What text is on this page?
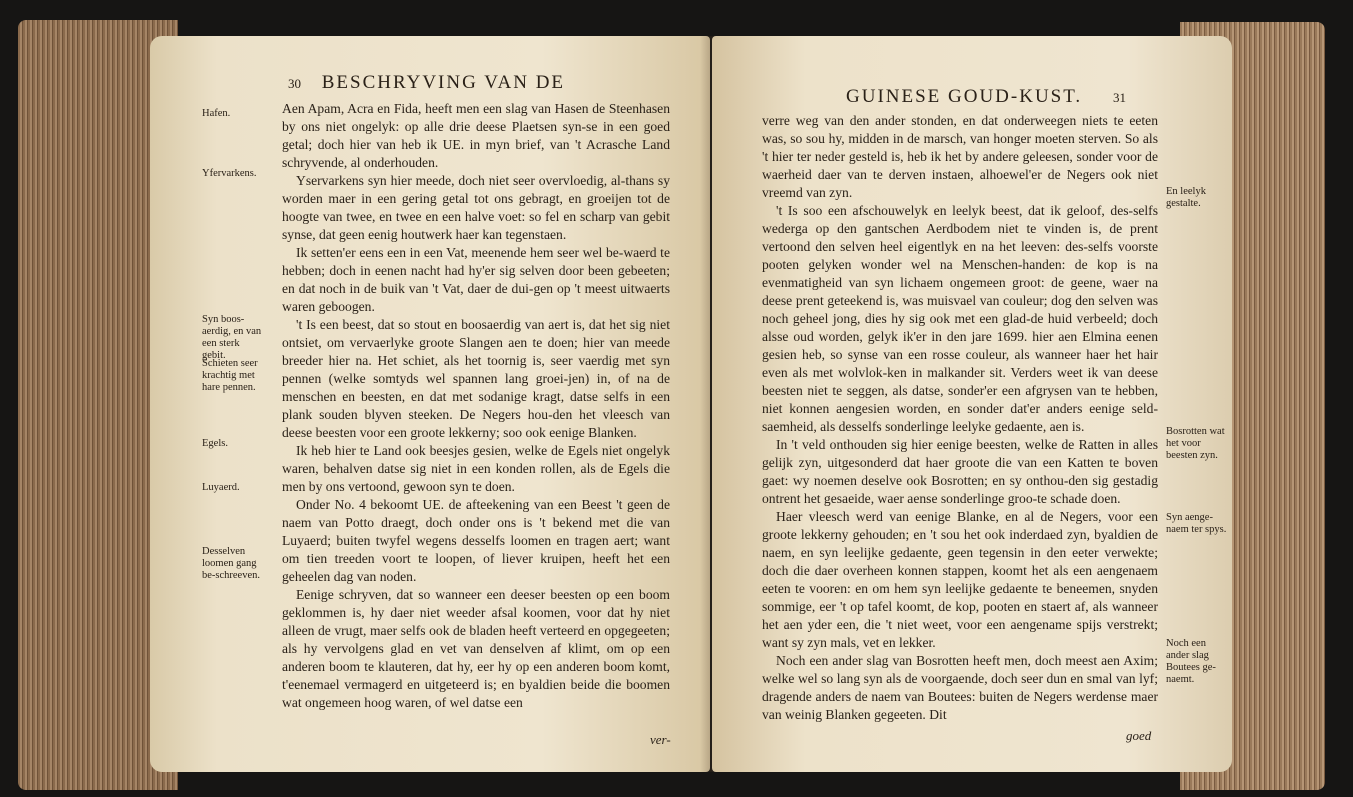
30 BESCHRYVING VAN DE
Hafen.
Yfervarkens.
Syn boos-aerdig, en van een sterk gebit.
Schieten seer krachtig met hare pennen.
Egels.
Luyaerd.
Desselven loomen gang be-schreeven.

Aen Apam, Acra en Fida, heeft men een slag van Hasen de Steenhasen by ons niet ongelyk: op alle drie deese Plaetsen syn-se in een goed getal; doch hier van heb ik UE. in myn brief, van 't Acrasche Land schryvende, al onderhouden.

Yservarkens syn hier meede, doch niet seer overvloedig, al-thans sy worden maer in een gering getal tot ons gebragt, en groeijen tot de hoogte van twee, en twee en een halve voet: so fel en scharp van gebit synse, dat geen eenig houtwerk haer kan tegenstaen.

Ik setten'er eens een in een Vat, meenende hem seer wel be-waerd te hebben; doch in eenen nacht had hy'er sig selven door been gebeeten; en dat noch in de buik van 't Vat, daer de dui-gen op 't meest uitwaerts waren geboogen.

't Is een beest, dat so stout en boosaerdig van aert is, dat het sig niet ontsiet, om vervaerlyke groote Slangen aen te doen; hier van meede breeder hier na. Het schiet, als het toornig is, seer vaerdig met syn pennen (welke somtyds wel spannen lang groei-jen) in, of na de menschen en beesten, en dat met sodanige kragt, datse selfs in een plank souden blyven steeken. De Negers hou-den het vleesch van deese beesten voor een groote lekkerny; soo ook eenige Blanken.

Ik heb hier te Land ook beesjes gesien, welke de Egels niet ongelyk waren, behalven datse sig niet in een konden rollen, als de Egels die men by ons vertoond, gewoon syn te doen.

Onder No. 4 bekoomt UE. de afteekening van een Beest 't geen de naem van Potto draegt, doch onder ons is 't bekend met die van Luyaerd; buiten twyfel wegens desselfs loomen en tragen aert; want om tien treeden voort te loopen, of liever kruipen, heeft het een geheelen dag van noden.

Eenige schryven, dat so wanneer een deeser beesten op een boom geklommen is, hy daer niet weeder afsal koomen, voor dat hy niet alleen de vrugt, maer selfs ook de bladen heeft verteerd en opgegeeten; als hy vervolgens glad en vet van denselven af klimt, om op een anderen boom te klauteren, dat hy, eer hy op een anderen boom komt, t'eenemael vermagerd en uitgeteerd is; en byaldien beide die boomen wat ongemeen hoog waren, of wel datse een

ver-
GUINESE GOUD-KUST. 31

verre weg van den ander stonden, en dat onderweegen niets te eeten was, so sou hy, midden in de marsch, van honger moeten sterven. So als 't hier ter neder gesteld is, heb ik het by andere geleesen, sonder voor de waerheid daer van te derven instaen, alhoewel'er de Negers ook niet vreemd van zyn.

't Is soo een afschouwelyk en leelyk beest, dat ik geloof, des-selfs wederga op den gantschen Aerdbodem niet te vinden is, de prent vertoond den selven heel eigentlyk en na het leeven: des-selfs voorste pooten gelyken wonder wel na Menschen-handen: de kop is na evenmatigheid van syn lichaem ongemeen groot: de geene, waer na deese prent geteekend is, was muisvael van couleur; dog den selven was noch geheel jong, dies hy sig ook met een glad-de huid verbeeld; doch alsse oud worden, gelyk ik'er in den jare 1699. hier aen Elmina eenen gesien heb, so synse van een rosse couleur, als wanneer haer het hair even als met wolvlok-ken in malkander sit. Verders weet ik van deese beesten niet te seggen, als datse, sonder'er een afgrysen van te hebben, niet konnen aengesien worden, en sonder dat'er anders eenige seld-saemheid, als desselfs sonderlinge leelyke gedaente, aen is.

In 't veld onthouden sig hier eenige beesten, welke de Ratten in alles gelijk zyn, uitgesonderd dat haer groote die van een Katten te boven gaet: wy noemen deselve ook Bosrotten; en sy onthou-den sig gestadig ontrent het gesaeide, waer aense sonderlinge groo-te schade doen.

Haer vleesch werd van eenige Blanke, en al de Negers, voor een groote lekkerny gehouden; en 't sou het ook inderdaed zyn, byaldien de naem, en syn leelijke gedaente, geen tegensin in den eeter verwekte; doch die daer overheen konnen stappen, koomt het als een aengenaem eeten te vooren: en om hem syn leelijke gedaente te beneemen, snyden sommige, eer 't op tafel koomt, de kop, pooten en staert af, als wanneer het aen yder een, die 't niet weet, voor een aengename spijs verstrekt; want sy zyn mals, vet en lekker.

Noch een ander slag van Bosrotten heeft men, doch meest aen Axim; welke wel so lang syn als de voorgaende, doch seer dun en smal van lyf; dragende anders de naem van Boutees: buiten de Negers werdense maer van weinig Blanken gegeeten. Dit

En leelyk gestalte.
Bosrotten wat het voor beesten zyn.
Syn aenge-naem ter spys.
Noch een ander slag Boutees ge-naemt.
goed
